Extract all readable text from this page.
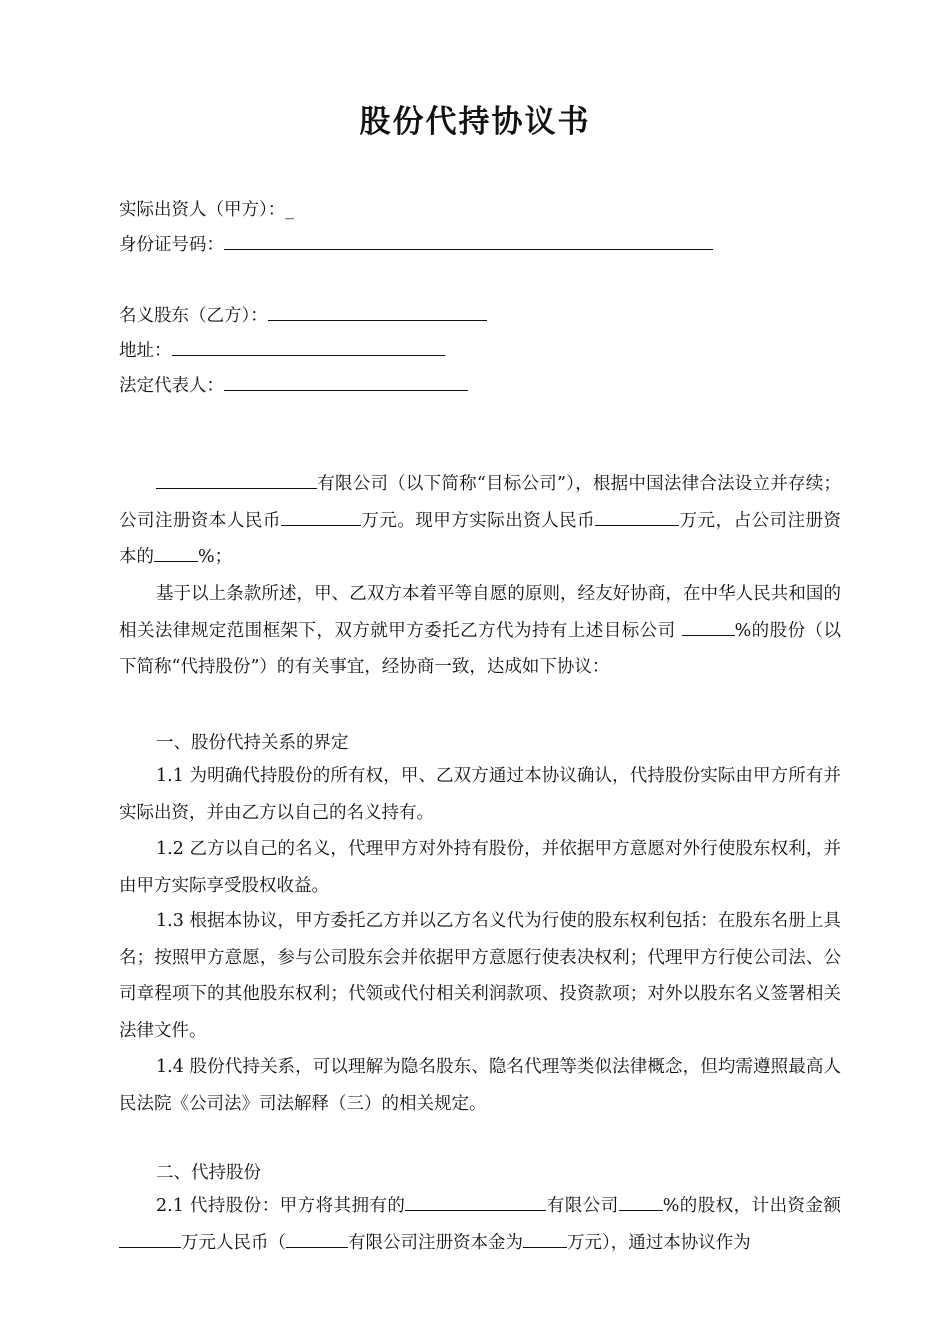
股份代持协议书
实际出资人（甲方）：_
身份证号码：
名义股东（乙方）：
地址：
法定代表人：
有限公司（以下简称“目标公司”），根据中国法律合法设立并存续；公司注册资本人民币	万元。现甲方实际出资人民币	万元，占公司注册资本的	%；
基于以上条款所述，甲、乙双方本着平等自愿的原则，经友好协商，在中华人民共和国的相关法律规定范围框架下，双方就甲方委托乙方代为持有上述目标公司	%的股份（以下简称“代持股份”）的有关事宜，经协商一致，达成如下协议：
一、股份代持关系的界定
1.1 为明确代持股份的所有权，甲、乙双方通过本协议确认，代持股份实际由甲方所有并实际出资，并由乙方以自己的名义持有。
1.2 乙方以自己的名义，代理甲方对外持有股份，并依据甲方意愿对外行使股东权利，并由甲方实际享受股权收益。
1.3 根据本协议，甲方委托乙方并以乙方名义代为行使的股东权利包括：在股东名册上具名；按照甲方意愿，参与公司股东会并依据甲方意愿行使表决权利；代理甲方行使公司法、公司章程项下的其他股东权利；代领或代付相关利润款项、投资款项；对外以股东名义签署相关法律文件。
1.4 股份代持关系，可以理解为隐名股东、隐名代理等类似法律概念，但均需遵照最高人民法院《公司法》司法解释（三）的相关规定。
二、代持股份
2.1 代持股份：甲方将其拥有的	有限公司	%的股权，计出资金额万元人民币（	有限公司注册资本金为	万元），通过本协议作为
